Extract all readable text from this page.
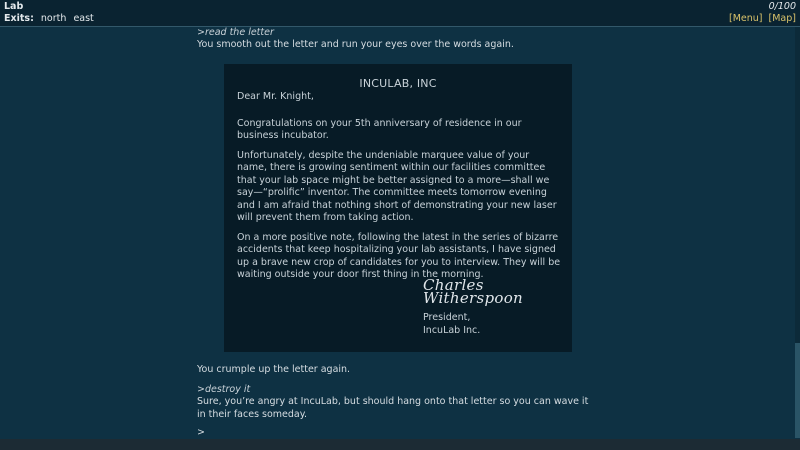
Lab
Exits: north east
0/100
[Menu] [Map]
>read the letter
You smooth out the letter and run your eyes over the words again.
INCULAB, INC

Dear Mr. Knight,

Congratulations on your 5th anniversary of residence in our business incubator.

Unfortunately, despite the undeniable marquee value of your name, there is growing sentiment within our facilities committee that your lab space might be better assigned to a more—shall we say—“prolific” inventor. The committee meets tomorrow evening and I am afraid that nothing short of demonstrating your new laser will prevent them from taking action.

On a more positive note, following the latest in the series of bizarre accidents that keep hospitalizing your lab assistants, I have signed up a brave new crop of candidates for you to interview. They will be waiting outside your door first thing in the morning.

Charles Witherspoon
President,
IncuLab Inc.
You crumple up the letter again.
>destroy it
Sure, you’re angry at IncuLab, but should hang onto that letter so you can wave it in their faces someday.
>
